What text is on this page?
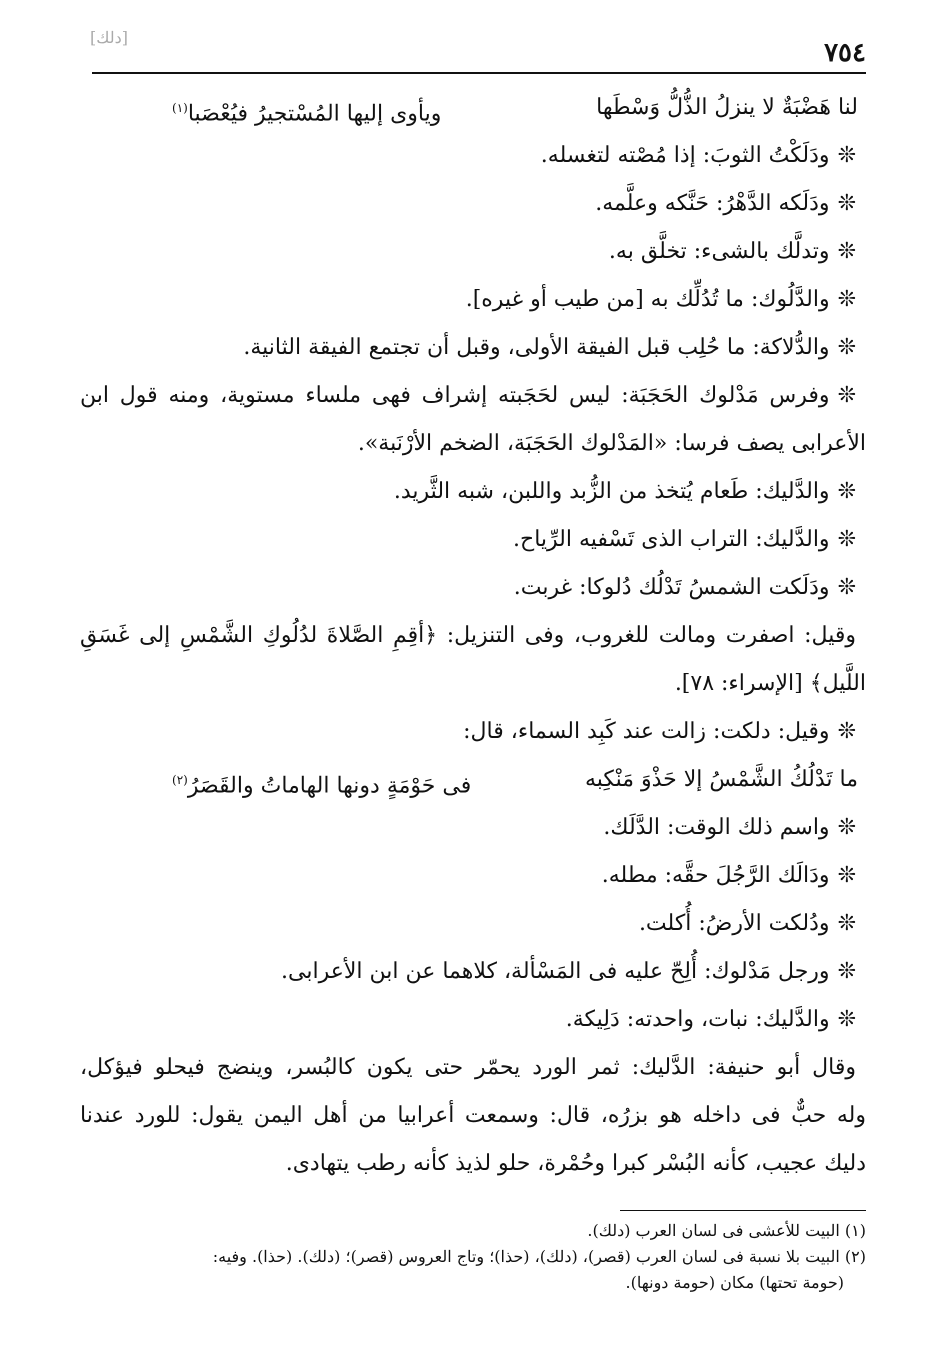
[دلك]
٧٥٤
لنا هَضْبَةٌ لا ينزلُ الذُّلُّ وَسْطَها
ويأوى إليها المُسْتجيرُ فيُعْصَبا$^{(١)}$
❊ودَلَكْتُ الثوبَ: إذا مُصْته لتغسله.
❊ودَلَكه الدَّهْرُ: حَنَّكه وعلَّمه.
❊وتدلَّك بالشىء: تخلَّق به.
❊والدَّلُوك: ما تُدُلِّك به [من طيب أو غيره].
❊والدُّلاكة: ما حُلِب قبل الفيقة الأولى، وقبل أن تجتمع الفيقة الثانية.
❊وفرس مَدْلوك الحَجَبَة: ليس لحَجَبته إشراف فهى ملساء مستوية، ومنه قول ابن
الأعرابى يصف فرسا: «المَدْلوك الحَجَبَة، الضخم الأرْنَبة».
❊والدَّليك: طَعام يُتخذ من الزُّبد واللبن، شبه الثَّريد.
❊والدَّليك: التراب الذى تَسْفيه الرِّياح.
❊ودَلَكت الشمسُ تَدْلُك دُلوكا: غربت.
وقيل: اصفرت ومالت للغروب، وفى التنزيل: ﴿أقِمِ الصَّلاةَ لدُلُوكِ الشَّمْسِ إلى غَسَقِ
اللَّيل﴾ [الإسراء: ٧٨].
❊وقيل: دلكت: زالت عند كَبِد السماء، قال:
ما تَدْلُكُ الشَّمْسُ إلا حَذْوَ مَنْكِبه
فى حَوْمَةٍ دونها الهاماتُ والقَصَرُ$^{(٢)}$
❊واسم ذلك الوقت: الدَّلَك.
❊ودَالَك الرَّجُلَ حقَّه: مطله.
❊ودُلكت الأرضُ: أُكلت.
❊ورجل مَدْلوك: أُلِحّ عليه فى المَسْألة، كلاهما عن ابن الأعرابى.
❊والدَّليك: نبات، واحدته: دَلِيكة.
وقال أبو حنيفة: الدَّليك: ثمر الورد يحمّر حتى يكون كالبُسر، وينضج فيحلو فيؤكل،
وله حبٌّ فى داخله هو بزرُه، قال: وسمعت أعرابيا من أهل اليمن يقول: للورد عندنا
دليك عجيب، كأنه البُسْر كبرا وحُمْرة، حلو لذيذ كأنه رطب يتهادى.
(١) البيت للأعشى فى لسان العرب (دلك).
(٢) البيت بلا نسبة فى لسان العرب (قصر)، (دلك)، (حذا)؛ وتاج العروس (قصر)؛ (دلك). (حذا). وفيه:
(حومة تحتها) مكان (حومة دونها).
